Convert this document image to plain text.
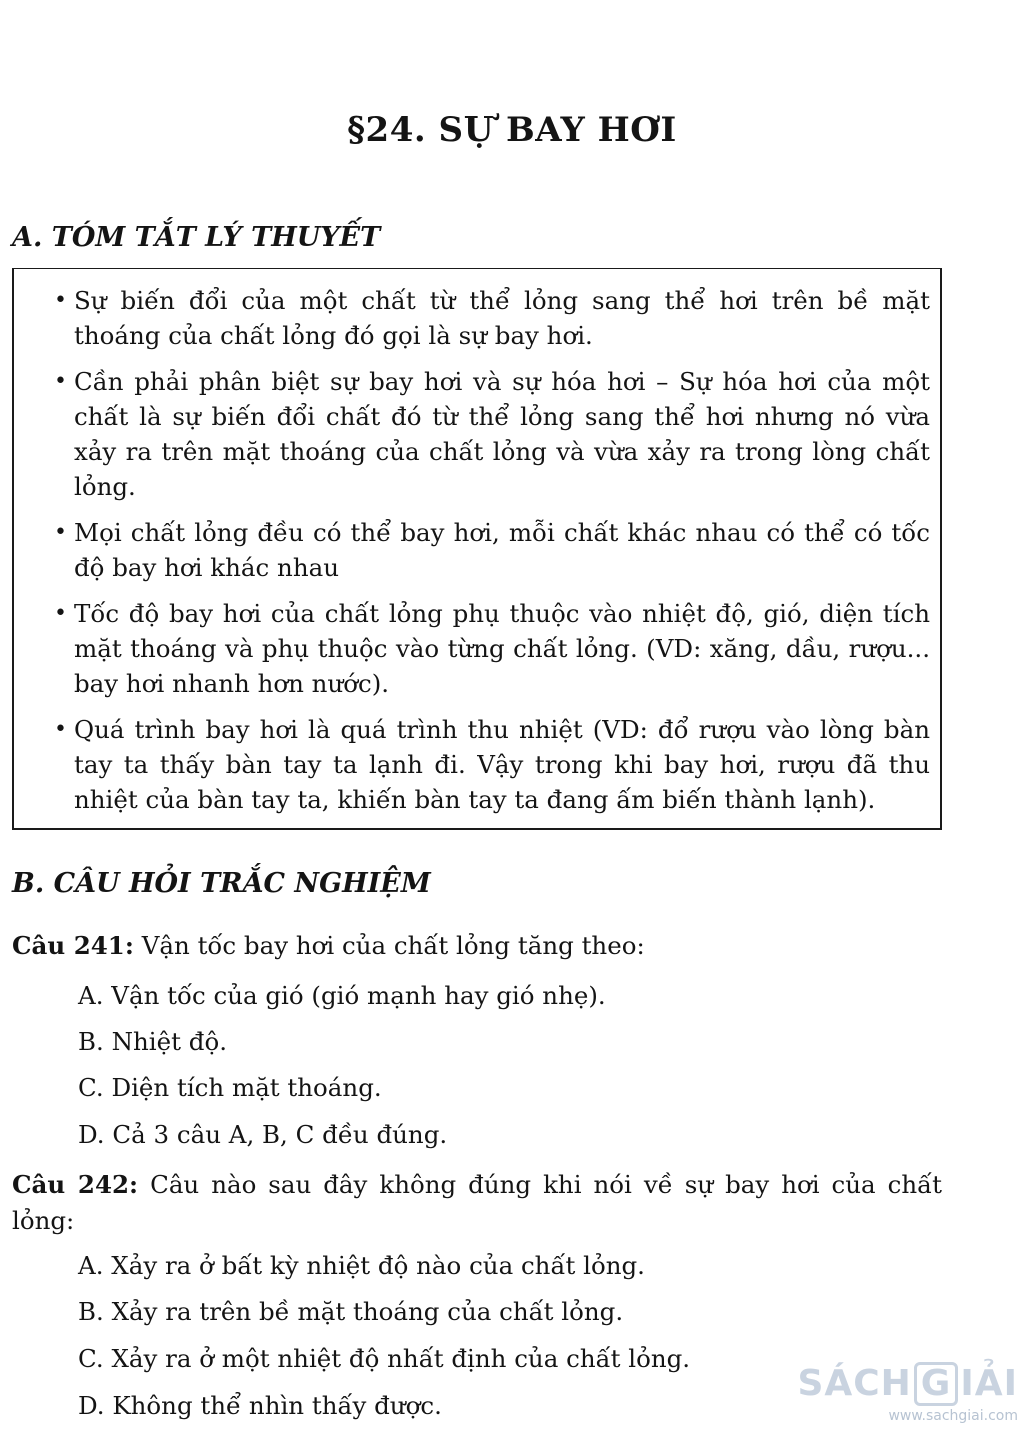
§24. SỰ BAY HƠI
A. TÓM TẮT LÝ THUYẾT
• Sự biến đổi của một chất từ thể lỏng sang thể hơi trên bề mặt thoáng của chất lỏng đó gọi là sự bay hơi.
• Cần phải phân biệt sự bay hơi và sự hóa hơi – Sự hóa hơi của một chất là sự biến đổi chất đó từ thể lỏng sang thể hơi nhưng nó vừa xảy ra trên mặt thoáng của chất lỏng và vừa xảy ra trong lòng chất lỏng.
• Mọi chất lỏng đều có thể bay hơi, mỗi chất khác nhau có thể có tốc độ bay hơi khác nhau
• Tốc độ bay hơi của chất lỏng phụ thuộc vào nhiệt độ, gió, diện tích mặt thoáng và phụ thuộc vào từng chất lỏng. (VD: xăng, dầu, rượu... bay hơi nhanh hơn nước).
• Quá trình bay hơi là quá trình thu nhiệt (VD: đổ rượu vào lòng bàn tay ta thấy bàn tay ta lạnh đi. Vậy trong khi bay hơi, rượu đã thu nhiệt của bàn tay ta, khiến bàn tay ta đang ấm biến thành lạnh).
B. CÂU HỎI TRẮC NGHIỆM
Câu 241: Vận tốc bay hơi của chất lỏng tăng theo:
A. Vận tốc của gió (gió mạnh hay gió nhẹ).
B. Nhiệt độ.
C. Diện tích mặt thoáng.
D. Cả 3 câu A, B, C đều đúng.
Câu 242: Câu nào sau đây không đúng khi nói về sự bay hơi của chất lỏng:
A. Xảy ra ở bất kỳ nhiệt độ nào của chất lỏng.
B. Xảy ra trên bề mặt thoáng của chất lỏng.
C. Xảy ra ở một nhiệt độ nhất định của chất lỏng.
D. Không thể nhìn thấy được.
SÁCH G IẢI
www.sachgiai.com
